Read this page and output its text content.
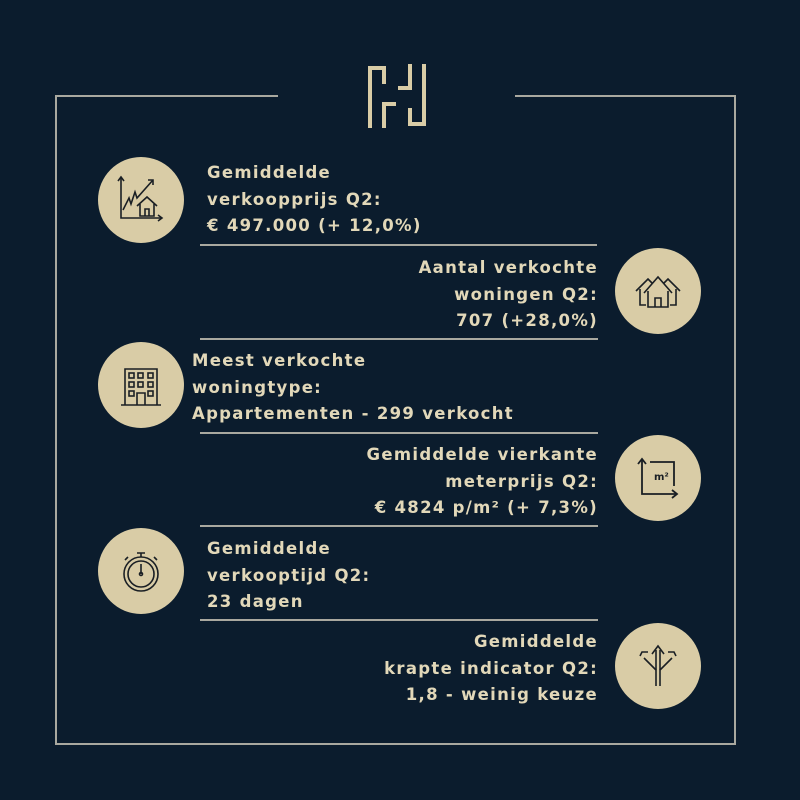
Gemiddelde
verkoopprijs Q2:
€ 497.000 (+ 12,0%)
Aantal verkochte
woningen Q2:
707 (+28,0%)
Meest verkochte
woningtype:
Appartementen - 299 verkocht
Gemiddelde vierkante
meterprijs Q2:
€ 4824 p/m² (+ 7,3%)
m²
Gemiddelde
verkooptijd Q2:
23 dagen
Gemiddelde
krapte indicator Q2:
1,8 - weinig keuze
